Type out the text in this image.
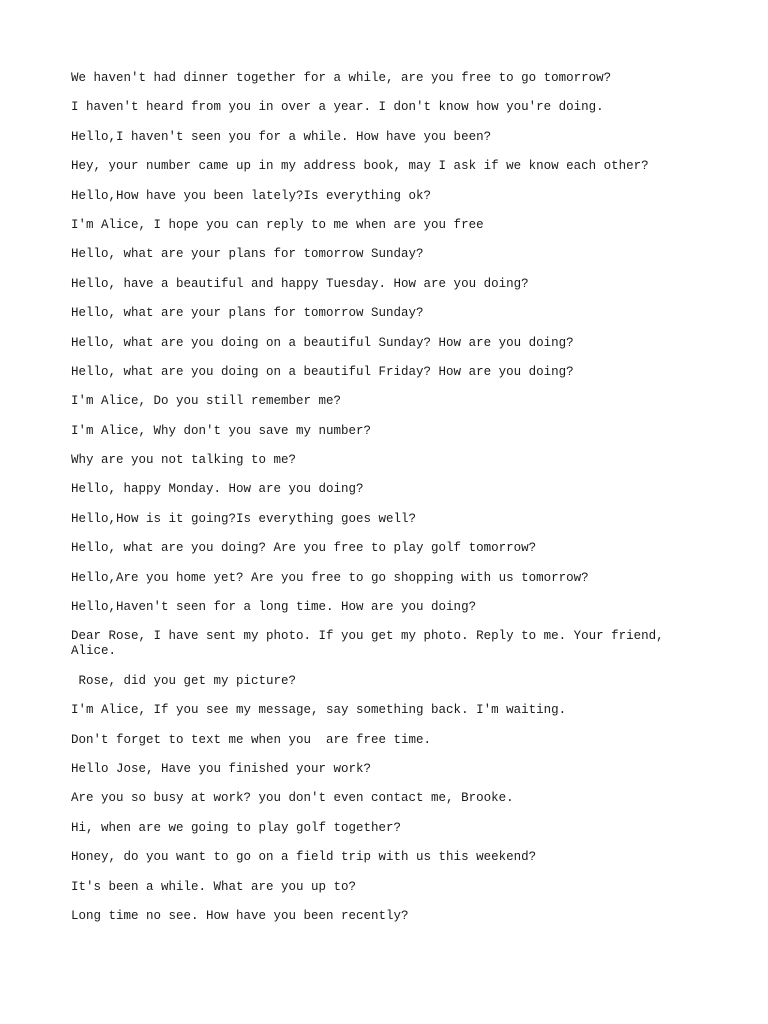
We haven't had dinner together for a while, are you free to go tomorrow?

I haven't heard from you in over a year. I don't know how you're doing.

Hello,I haven't seen you for a while. How have you been?

Hey, your number came up in my address book, may I ask if we know each other?

Hello,How have you been lately?Is everything ok?

I'm Alice, I hope you can reply to me when are you free

Hello, what are your plans for tomorrow Sunday?

Hello, have a beautiful and happy Tuesday. How are you doing?

Hello, what are your plans for tomorrow Sunday?

Hello, what are you doing on a beautiful Sunday? How are you doing?

Hello, what are you doing on a beautiful Friday? How are you doing?

I'm Alice, Do you still remember me?

I'm Alice, Why don't you save my number?

Why are you not talking to me?

Hello, happy Monday. How are you doing?

Hello,How is it going?Is everything goes well?

Hello, what are you doing? Are you free to play golf tomorrow?

Hello,Are you home yet? Are you free to go shopping with us tomorrow?

Hello,Haven't seen for a long time. How are you doing?

Dear Rose, I have sent my photo. If you get my photo. Reply to me. Your friend,
Alice.

Rose, did you get my picture?

I'm Alice, If you see my message, say something back. I'm waiting.

Don't forget to text me when you  are free time.

Hello Jose, Have you finished your work?

Are you so busy at work? you don't even contact me, Brooke.

Hi, when are we going to play golf together?

Honey, do you want to go on a field trip with us this weekend?

It's been a while. What are you up to?

Long time no see. How have you been recently?
